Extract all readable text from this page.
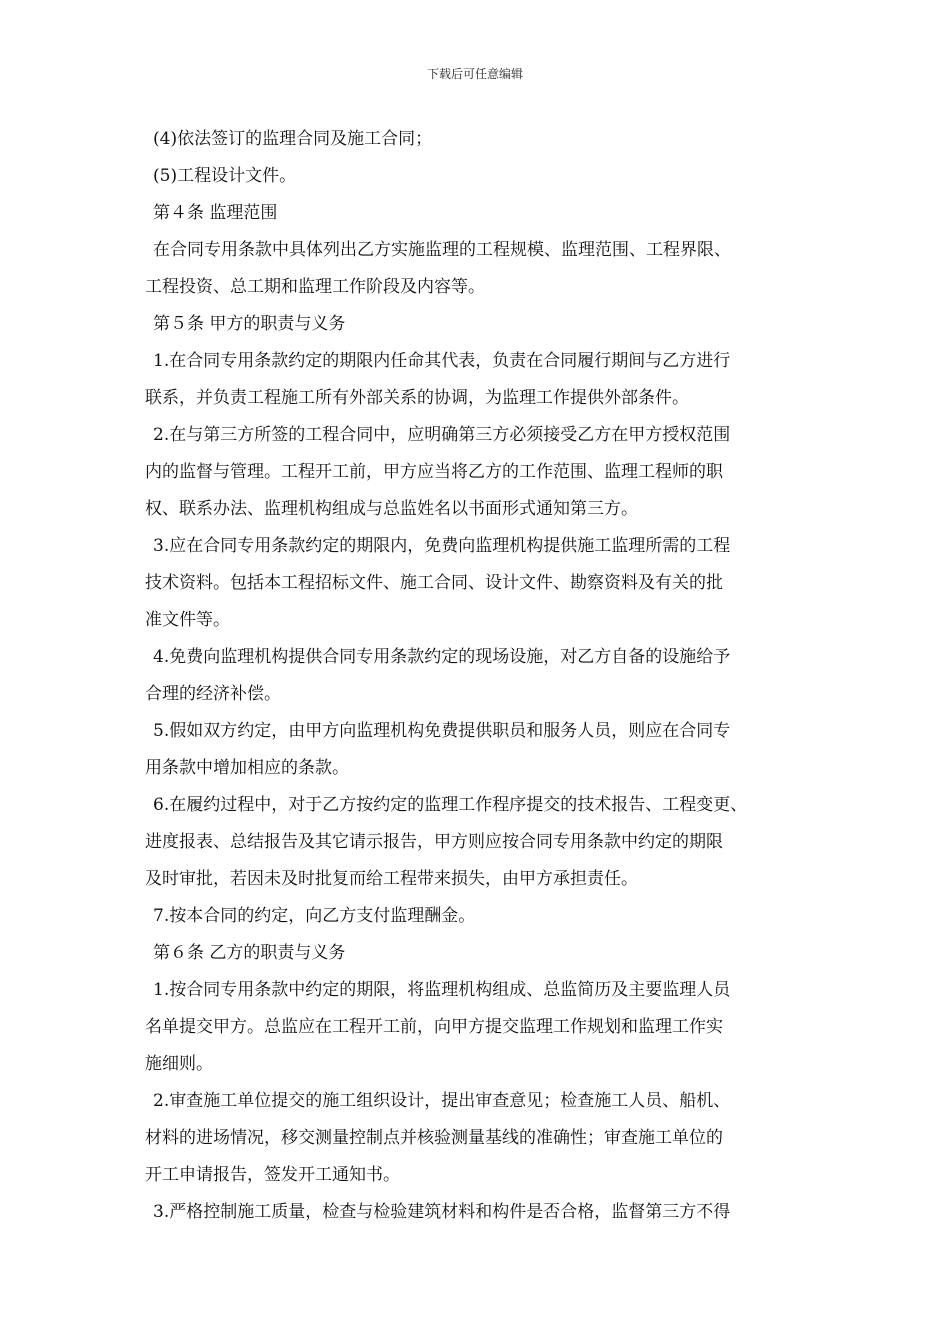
下载后可任意编辑
(4)依法签订的监理合同及施工合同；
(5)工程设计文件。
第４条 监理范围
在合同专用条款中具体列出乙方实施监理的工程规模、监理范围、工程界限、
工程投资、总工期和监理工作阶段及内容等。
第５条 甲方的职责与义务
1.在合同专用条款约定的期限内任命其代表，负责在合同履行期间与乙方进行
联系，并负责工程施工所有外部关系的协调，为监理工作提供外部条件。
2.在与第三方所签的工程合同中，应明确第三方必须接受乙方在甲方授权范围
内的监督与管理。工程开工前，甲方应当将乙方的工作范围、监理工程师的职
权、联系办法、监理机构组成与总监姓名以书面形式通知第三方。
3.应在合同专用条款约定的期限内，免费向监理机构提供施工监理所需的工程
技术资料。包括本工程招标文件、施工合同、设计文件、勘察资料及有关的批
准文件等。
4.免费向监理机构提供合同专用条款约定的现场设施，对乙方自备的设施给予
合理的经济补偿。
5.假如双方约定，由甲方向监理机构免费提供职员和服务人员，则应在合同专
用条款中增加相应的条款。
6.在履约过程中，对于乙方按约定的监理工作程序提交的技术报告、工程变更、
进度报表、总结报告及其它请示报告，甲方则应按合同专用条款中约定的期限
及时审批，若因未及时批复而给工程带来损失，由甲方承担责任。
7.按本合同的约定，向乙方支付监理酬金。
第６条 乙方的职责与义务
1.按合同专用条款中约定的期限，将监理机构组成、总监简历及主要监理人员
名单提交甲方。总监应在工程开工前，向甲方提交监理工作规划和监理工作实
施细则。
2.审查施工单位提交的施工组织设计，提出审查意见；检查施工人员、船机、
材料的进场情况，移交测量控制点并核验测量基线的准确性；审查施工单位的
开工申请报告，签发开工通知书。
3.严格控制施工质量，检查与检验建筑材料和构件是否合格，监督第三方不得
